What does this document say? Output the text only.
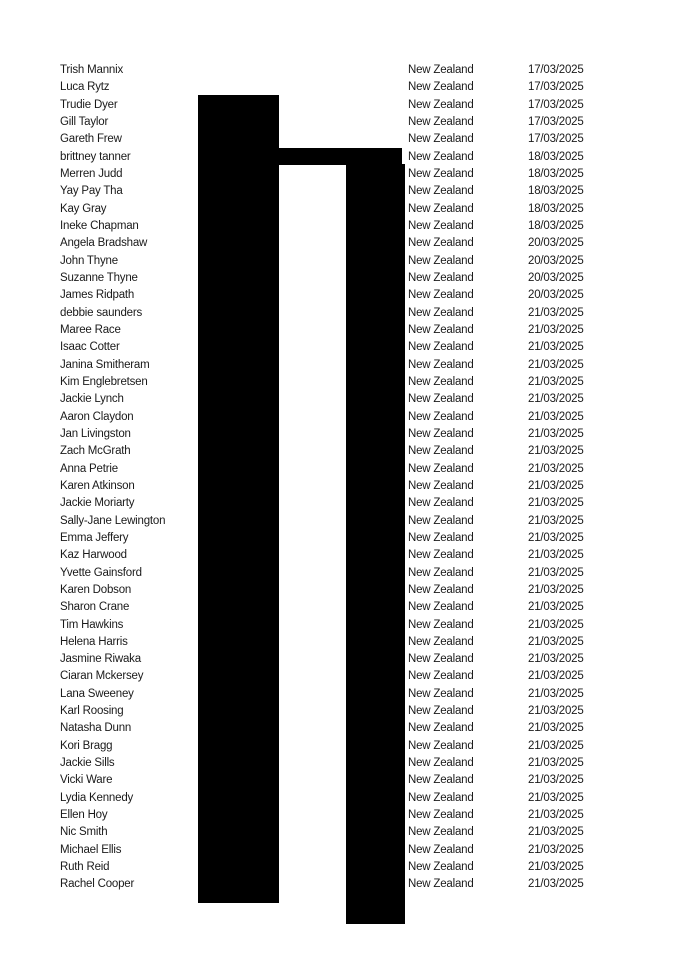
Trish Mannix	New Zealand	17/03/2025
Luca Rytz	New Zealand	17/03/2025
Trudie Dyer	New Zealand	17/03/2025
Gill Taylor	New Zealand	17/03/2025
Gareth Frew	New Zealand	17/03/2025
brittney tanner	New Zealand	18/03/2025
Merren Judd	New Zealand	18/03/2025
Yay Pay Tha	New Zealand	18/03/2025
Kay Gray	New Zealand	18/03/2025
Ineke Chapman	New Zealand	18/03/2025
Angela Bradshaw	New Zealand	20/03/2025
John Thyne	New Zealand	20/03/2025
Suzanne Thyne	New Zealand	20/03/2025
James Ridpath	New Zealand	20/03/2025
debbie saunders	New Zealand	21/03/2025
Maree Race	New Zealand	21/03/2025
Isaac Cotter	New Zealand	21/03/2025
Janina Smitheram	New Zealand	21/03/2025
Kim Englebretsen	New Zealand	21/03/2025
Jackie Lynch	New Zealand	21/03/2025
Aaron Claydon	New Zealand	21/03/2025
Jan Livingston	New Zealand	21/03/2025
Zach McGrath	New Zealand	21/03/2025
Anna Petrie	New Zealand	21/03/2025
Karen Atkinson	New Zealand	21/03/2025
Jackie Moriarty	New Zealand	21/03/2025
Sally-Jane Lewington	New Zealand	21/03/2025
Emma Jeffery	New Zealand	21/03/2025
Kaz Harwood	New Zealand	21/03/2025
Yvette Gainsford	New Zealand	21/03/2025
Karen Dobson	New Zealand	21/03/2025
Sharon Crane	New Zealand	21/03/2025
Tim Hawkins	New Zealand	21/03/2025
Helena Harris	New Zealand	21/03/2025
Jasmine Riwaka	New Zealand	21/03/2025
Ciaran Mckersey	New Zealand	21/03/2025
Lana Sweeney	New Zealand	21/03/2025
Karl Roosing	New Zealand	21/03/2025
Natasha Dunn	New Zealand	21/03/2025
Kori Bragg	New Zealand	21/03/2025
Jackie Sills	New Zealand	21/03/2025
Vicki Ware	New Zealand	21/03/2025
Lydia Kennedy	New Zealand	21/03/2025
Ellen Hoy	New Zealand	21/03/2025
Nic Smith	New Zealand	21/03/2025
Michael Ellis	New Zealand	21/03/2025
Ruth Reid	New Zealand	21/03/2025
Rachel Cooper	New Zealand	21/03/2025
